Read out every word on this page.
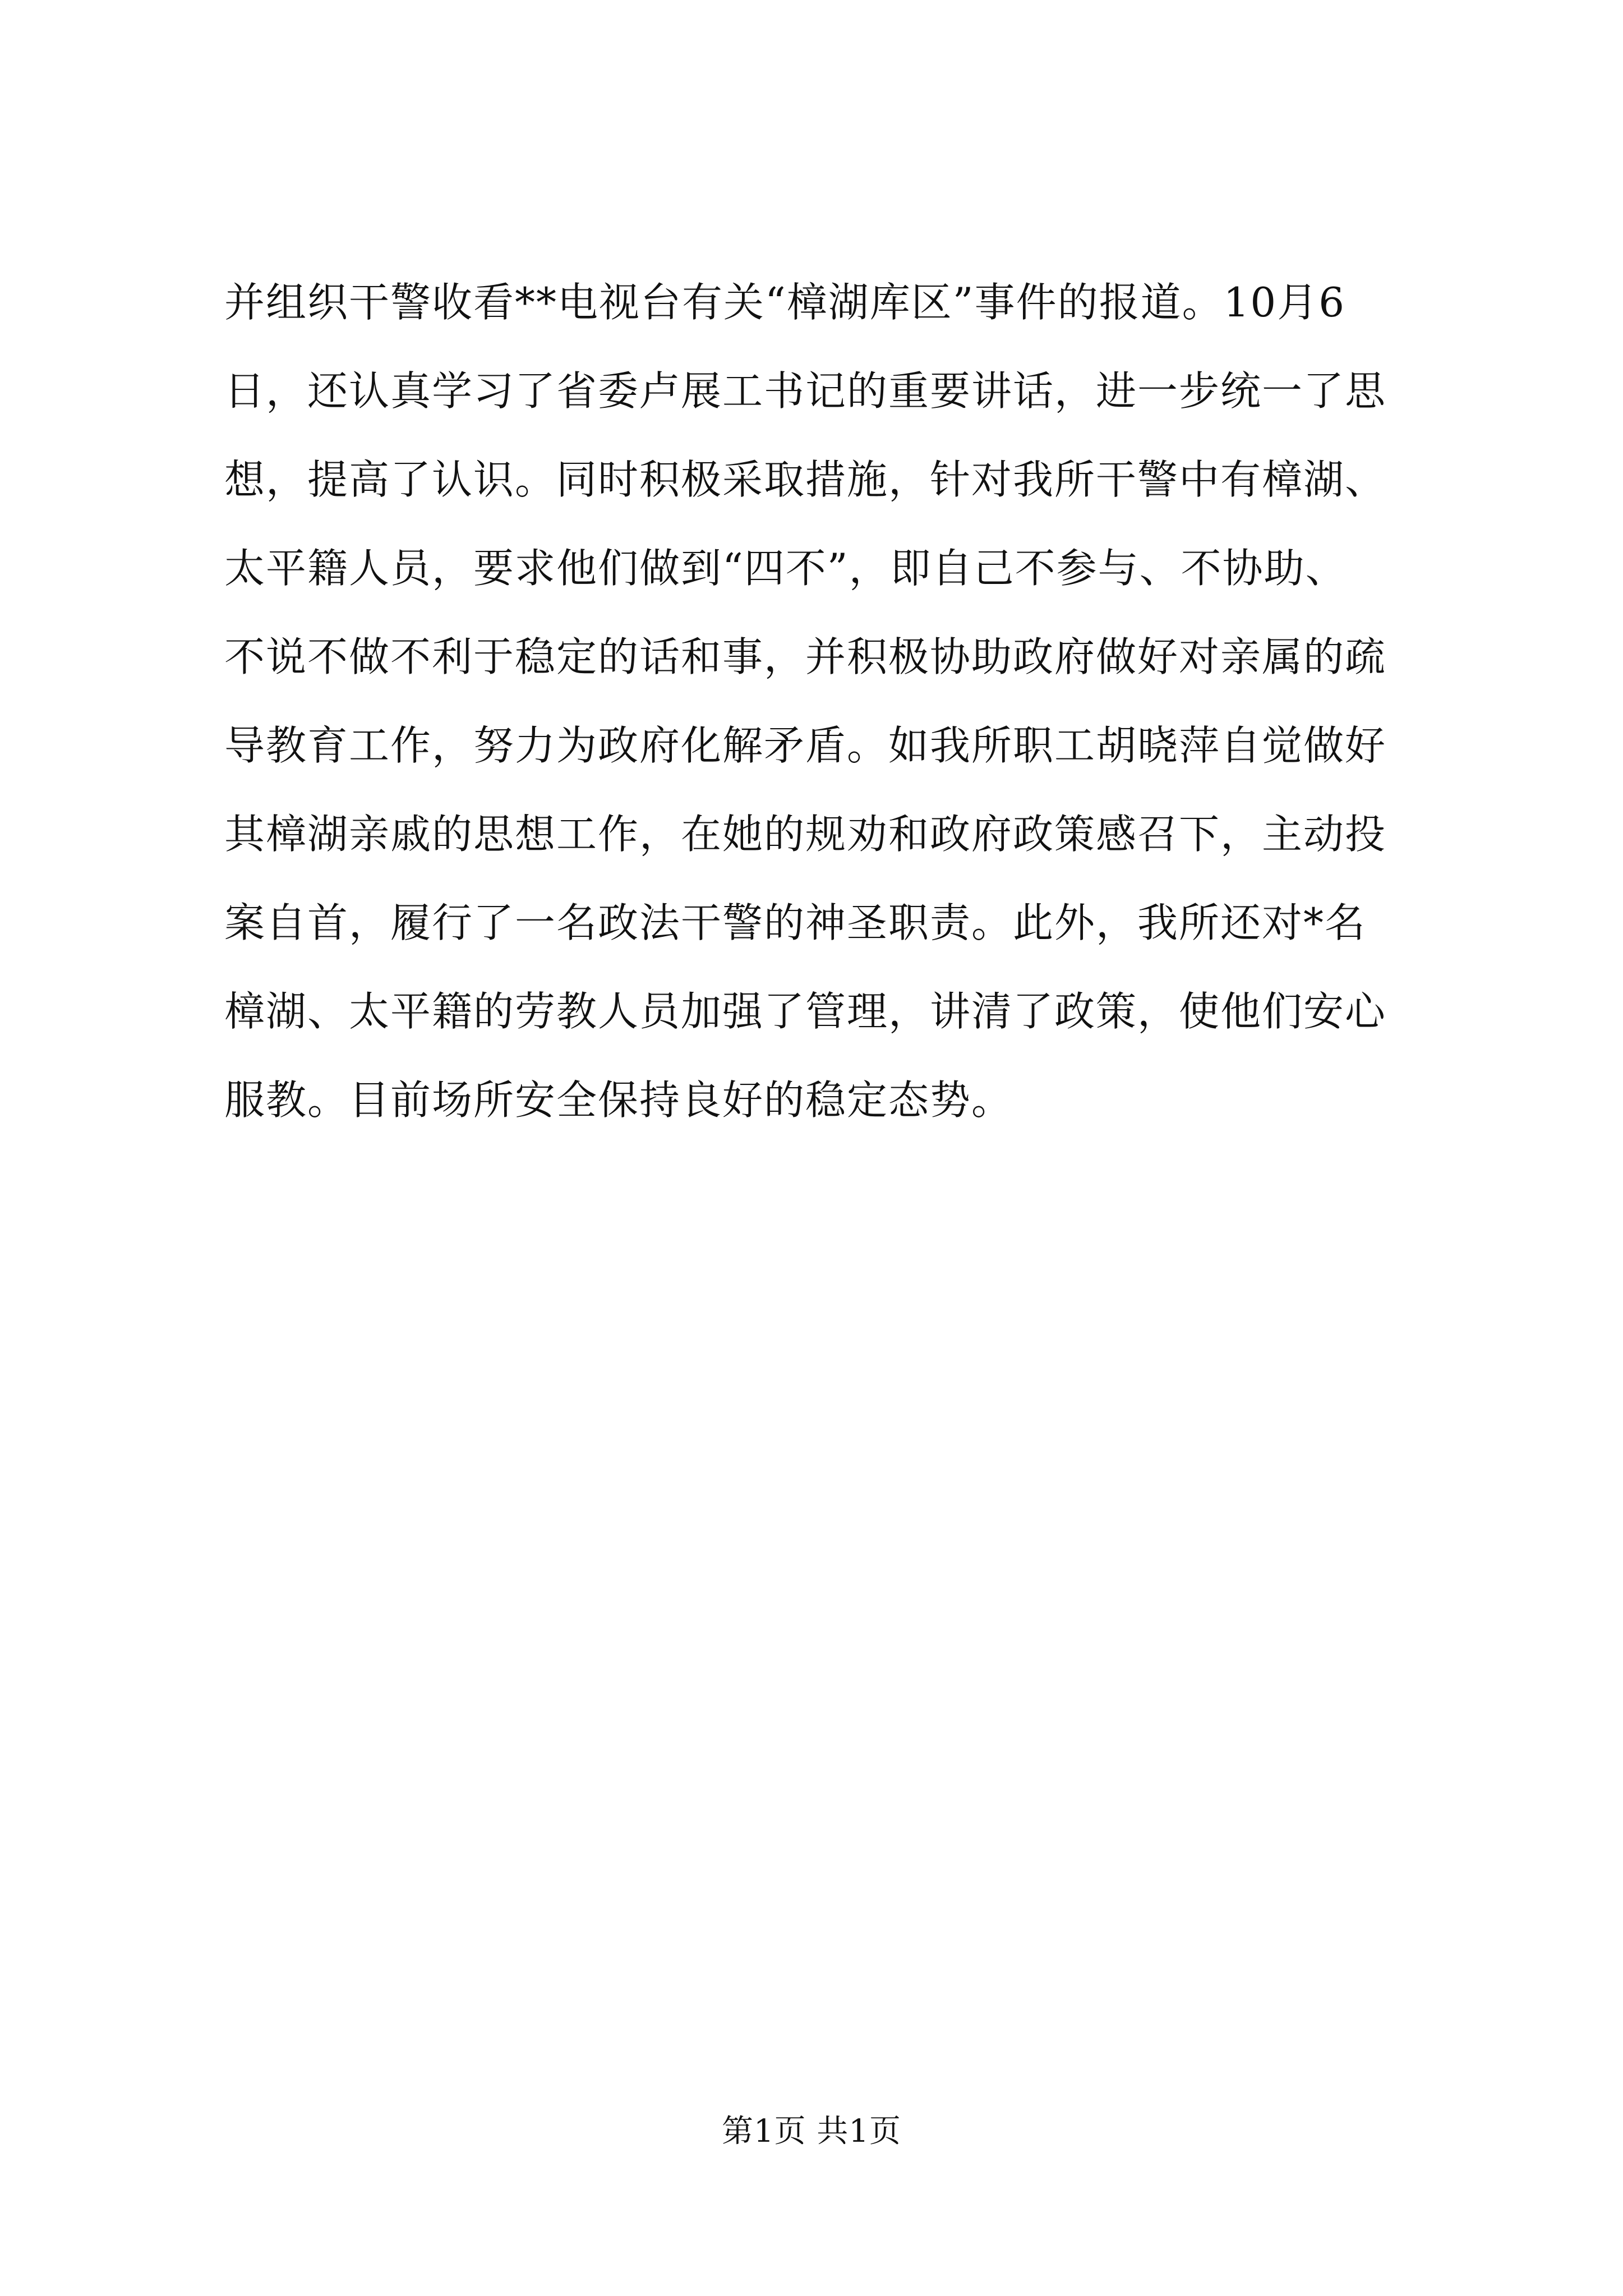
并组织干警收看**电视台有关“樟湖库区”事件的报道。10月6
日，还认真学习了省委卢展工书记的重要讲话，进一步统一了思
想，提高了认识。同时积极采取措施，针对我所干警中有樟湖、
太平籍人员，要求他们做到“四不”，即自己不参与、不协助、
不说不做不利于稳定的话和事，并积极协助政府做好对亲属的疏
导教育工作，努力为政府化解矛盾。如我所职工胡晓萍自觉做好
其樟湖亲戚的思想工作，在她的规劝和政府政策感召下，主动投
案自首，履行了一名政法干警的神圣职责。此外，我所还对*名
樟湖、太平籍的劳教人员加强了管理，讲清了政策，使他们安心
服教。目前场所安全保持良好的稳定态势。
第1页 共1页
